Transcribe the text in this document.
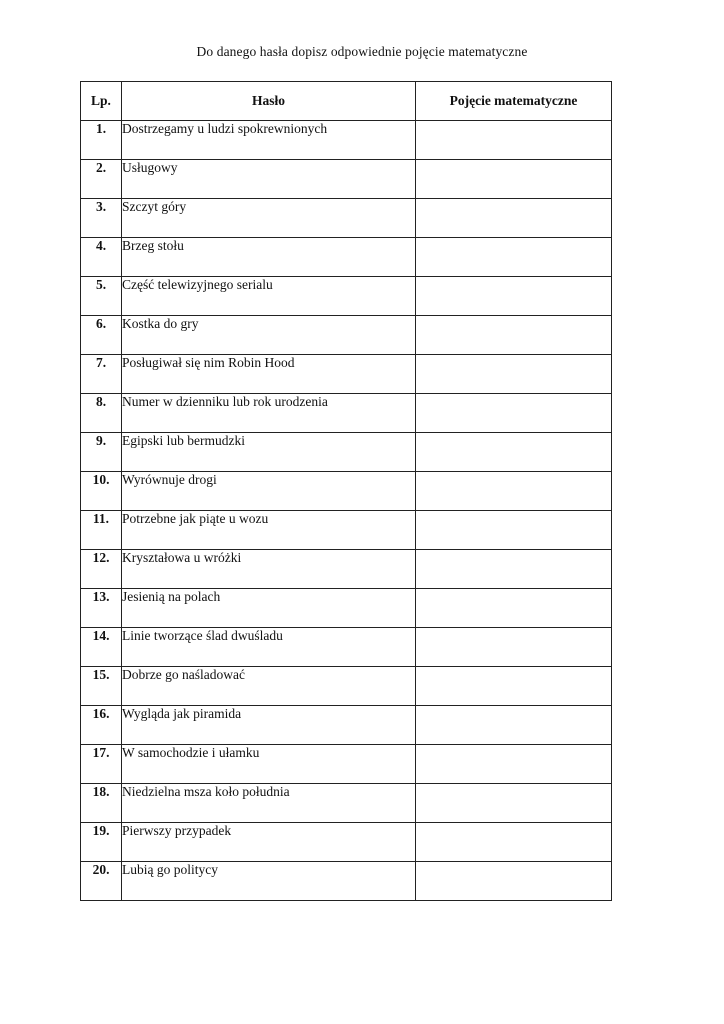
Do danego hasła dopisz odpowiednie pojęcie matematyczne
Lp.	Hasło	Pojęcie matematyczne
1.	Dostrzegamy u ludzi spokrewnionych	
2.	Usługowy	
3.	Szczyt góry	
4.	Brzeg stołu	
5.	Część telewizyjnego serialu	
6.	Kostka do gry	
7.	Posługiwał się nim Robin Hood	
8.	Numer w dzienniku lub rok urodzenia	
9.	Egipski lub bermudzki	
10.	Wyrównuje drogi	
11.	Potrzebne jak piąte u wozu	
12.	Kryształowa u wróżki	
13.	Jesienią na polach	
14.	Linie tworzące ślad dwuśladu	
15.	Dobrze go naśladować	
16.	Wygląda jak piramida	
17.	W samochodzie i ułamku	
18.	Niedzielna msza koło południa	
19.	Pierwszy przypadek	
20.	Lubią go politycy	
